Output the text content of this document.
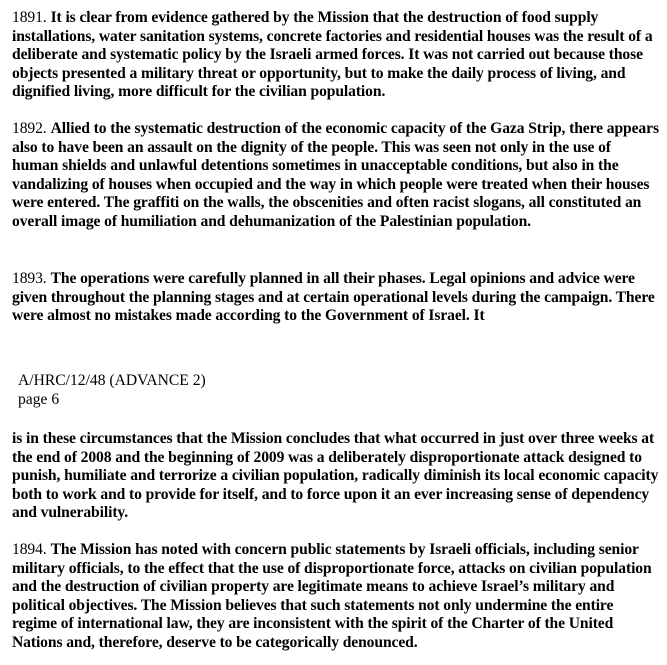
1891. It is clear from evidence gathered by the Mission that the destruction of food supply installations, water sanitation systems, concrete factories and residential houses was the result of a deliberate and systematic policy by the Israeli armed forces. It was not carried out because those objects presented a military threat or opportunity, but to make the daily process of living, and dignified living, more difficult for the civilian population.

1892. Allied to the systematic destruction of the economic capacity of the Gaza Strip, there appears also to have been an assault on the dignity of the people. This was seen not only in the use of human shields and unlawful detentions sometimes in unacceptable conditions, but also in the vandalizing of houses when occupied and the way in which people were treated when their houses were entered. The graffiti on the walls, the obscenities and often racist slogans, all constituted an overall image of humiliation and dehumanization of the Palestinian population.

1893. The operations were carefully planned in all their phases. Legal opinions and advice were given throughout the planning stages and at certain operational levels during the campaign. There were almost no mistakes made according to the Government of Israel. It

A/HRC/12/48 (ADVANCE 2)
page 6

is in these circumstances that the Mission concludes that what occurred in just over three weeks at the end of 2008 and the beginning of 2009 was a deliberately disproportionate attack designed to punish, humiliate and terrorize a civilian population, radically diminish its local economic capacity both to work and to provide for itself, and to force upon it an ever increasing sense of dependency and vulnerability.

1894. The Mission has noted with concern public statements by Israeli officials, including senior military officials, to the effect that the use of disproportionate force, attacks on civilian population and the destruction of civilian property are legitimate means to achieve Israel’s military and political objectives. The Mission believes that such statements not only undermine the entire regime of international law, they are inconsistent with the spirit of the Charter of the United Nations and, therefore, deserve to be categorically denounced.
